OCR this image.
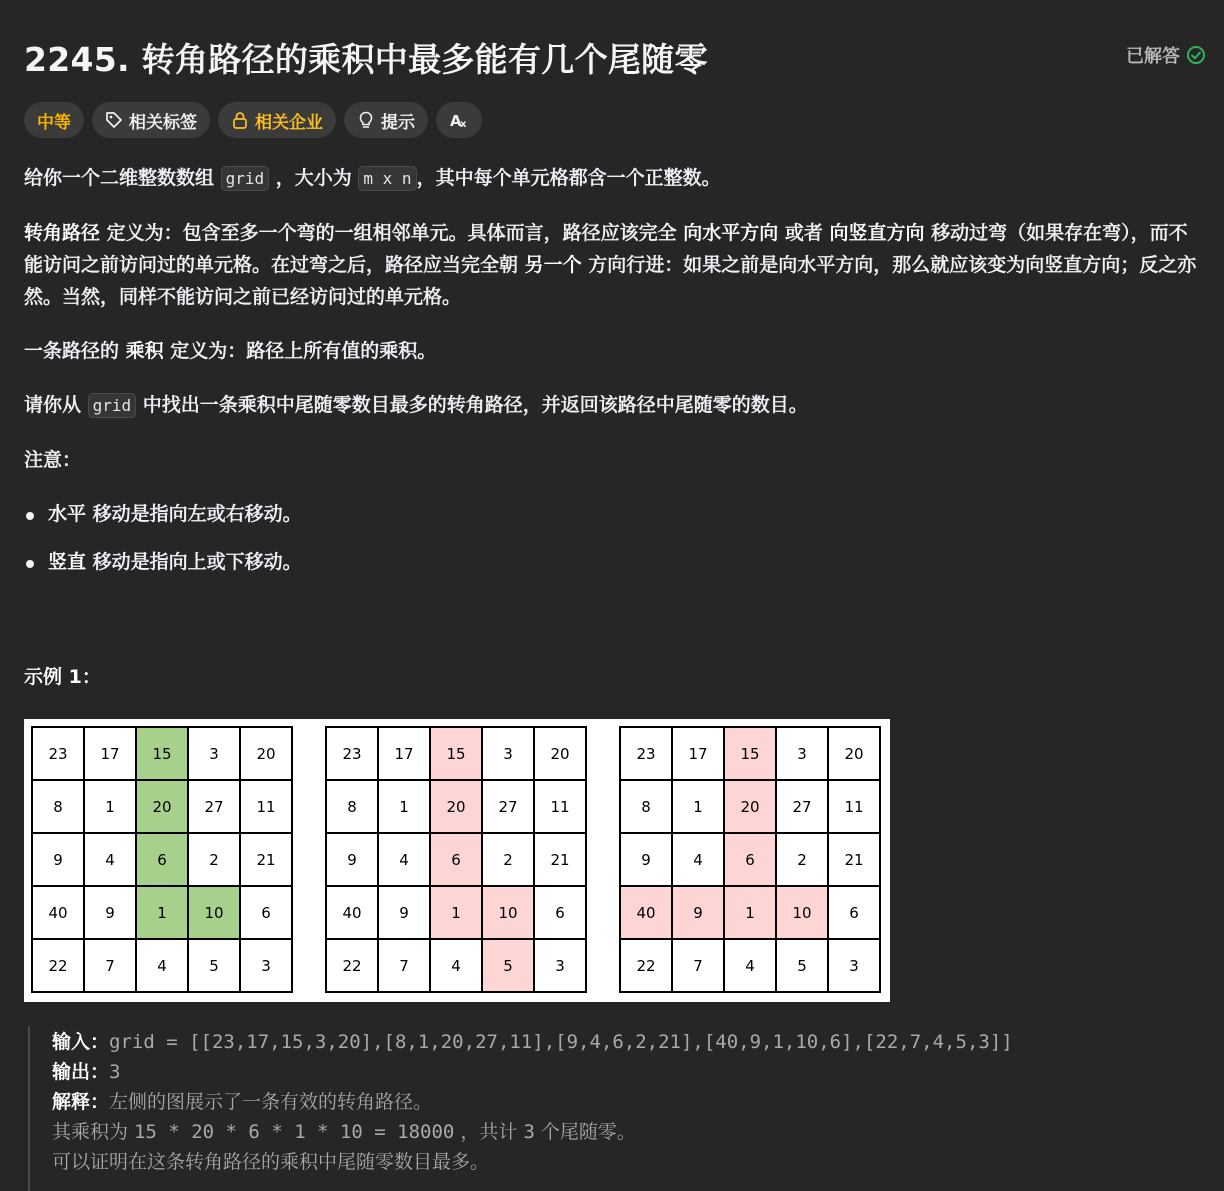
2245. 转角路径的乘积中最多能有几个尾随零	已解答
中等	相关标签	相关企业	提示 A
x

给你一个二维整数数组 grid ，大小为 m x n ，其中每个单元格都含一个正整数。

转角路径 定义为：包含至多一个弯的一组相邻单元。具体而言，路径应该完全 向水平方向 或者 向竖直方向 移动过弯（如果存在弯），而不能访问之前访问过的单元格。在过弯之后，路径应当完全朝 另一个 方向行进：如果之前是向水平方向，那么就应该变为向竖直方向；反之亦然。当然，同样不能访问之前已经访问过的单元格。

一条路径的 乘积 定义为：路径上所有值的乘积。

请你从 grid 中找出一条乘积中尾随零数目最多的转角路径，并返回该路径中尾随零的数目。

注意：

水平 移动是指向左或右移动。
竖直 移动是指向上或下移动。
示例 1：
23	17	15	3	20
8	1	20	27	11
9	4	6	2	21
40	9	1	10	6
22	7	4	5	3
23	17	15	3	20
8	1	20	27	11
9	4	6	2	21
40	9	1	10	6
22	7	4	5	3
23	17	15	3	20
8	1	20	27	11
9	4	6	2	21
40	9	1	10	6
22	7	4	5	3
输入：grid = [[23,17,15,3,20],[8,1,20,27,11],[9,4,6,2,21],[40,9,1,10,6],[22,7,4,5,3]]
输出：3
解释：左侧的图展示了一条有效的转角路径。
其乘积为 15 * 20 * 6 * 1 * 10 = 18000 ，共计 3 个尾随零。
可以证明在这条转角路径的乘积中尾随零数目最多。
